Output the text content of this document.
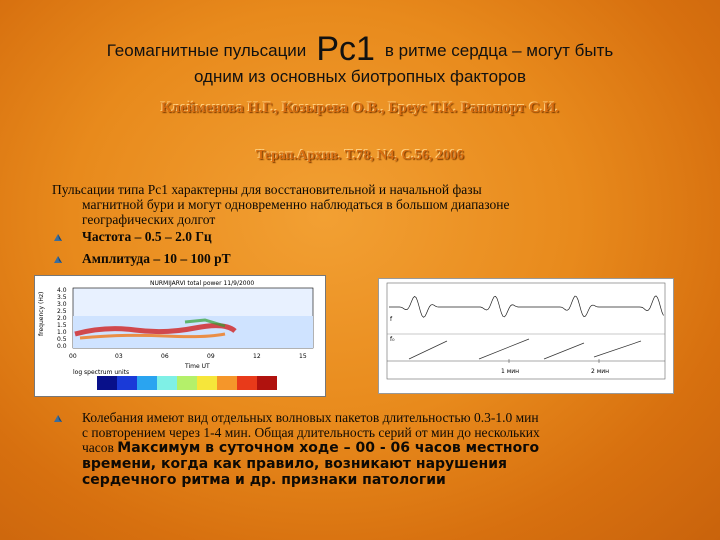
Геомагнитные пульсации Рс1 в ритме сердца – могут быть
одним из основных биотропных факторов
Клейменова Н.Г., Козырева О.В., Бреус Т.К. Рапопорт С.И.
Терап.Архив. Т.78, N4, С.56, 2006
Пульсации типа Рс1 характерны для восстановительной и начальной фазы
магнитной бури и могут одновременно наблюдаться в большом диапазоне
географических долгот
Частота – 0.5 – 2.0 Гц
Амплитуда – 10 – 100 рТ
NURMIJARVI total power 11/9/2000
frequency (Hz)
4.0
3.5
3.0
2.5
2.0
1.5
1.0
0.5
0.0
00	03	06	09	12	15
Time UT
log spectrum units
f
f₀
1 мин	2 мин
Колебания имеют вид отдельных волновых пакетов длительностью 0.3-1.0 мин
с повторением через 1-4 мин. Общая длительность серий от мин до нескольких
часов Максимум в суточном ходе – 00 - 06 часов местного
времени, когда как правило, возникают нарушения
сердечного ритма и др. признаки патологии
